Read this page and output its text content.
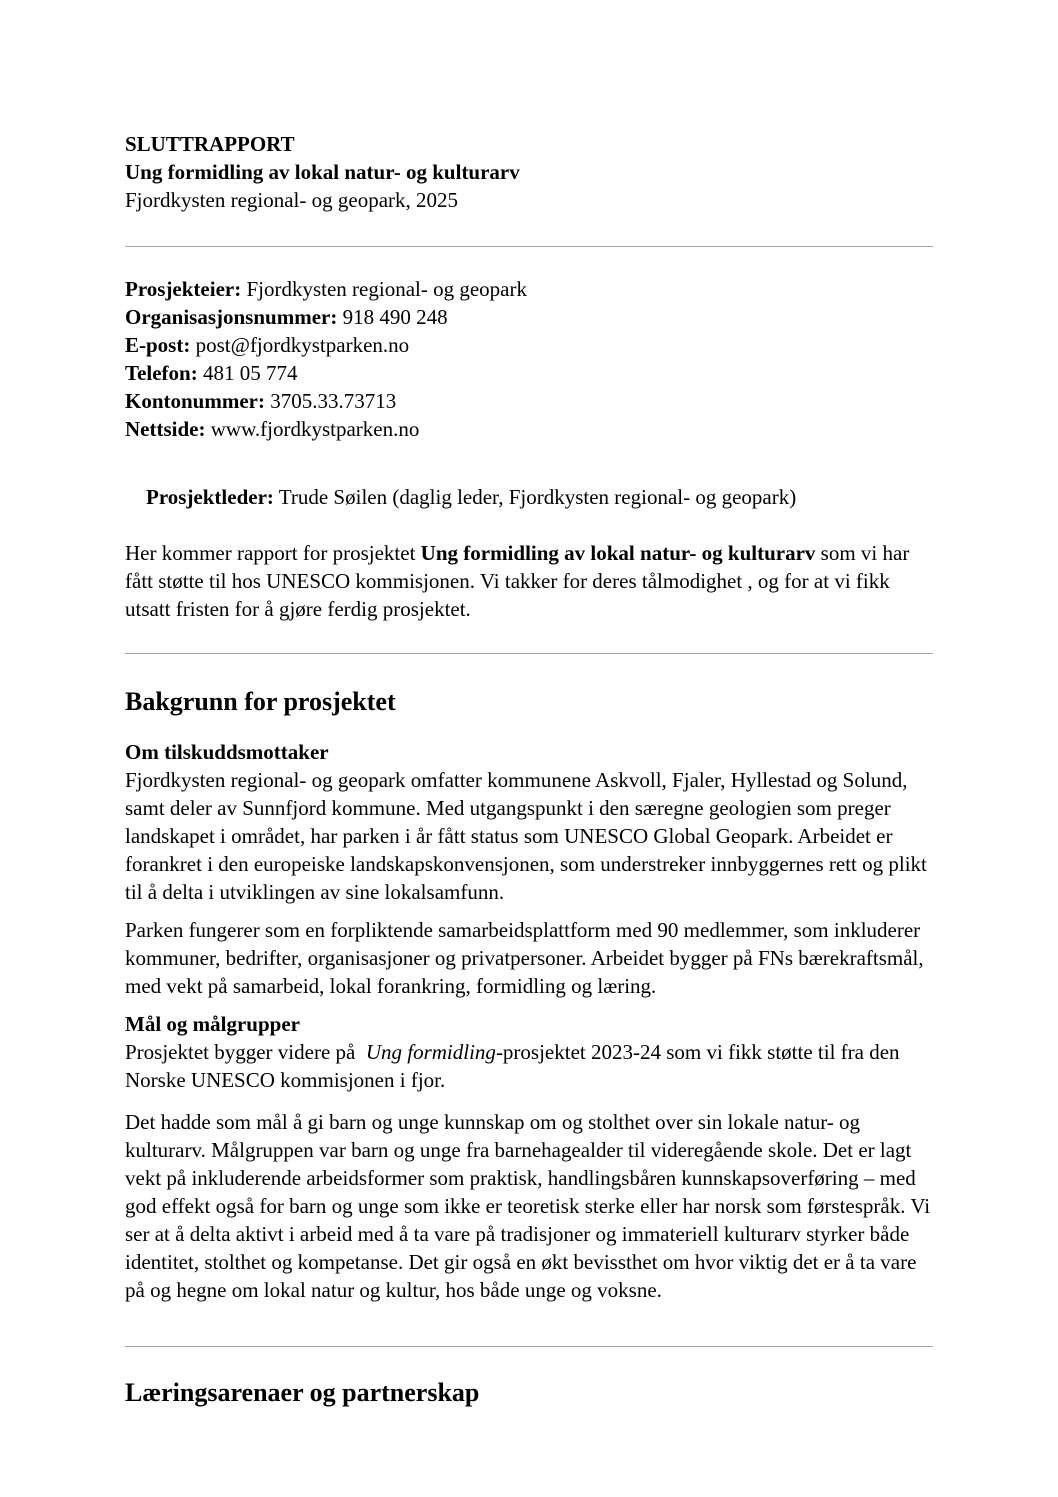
SLUTTRAPPORT
Ung formidling av lokal natur- og kulturarv
Fjordkysten regional- og geopark, 2025
Prosjekteier: Fjordkysten regional- og geopark
Organisasjonsnummer: 918 490 248
E-post: post@fjordkystparken.no
Telefon: 481 05 774
Kontonummer: 3705.33.73713
Nettside: www.fjordkystparken.no

Prosjektleder: Trude Søilen (daglig leder, Fjordkysten regional- og geopark)

Her kommer rapport for prosjektet Ung formidling av lokal natur- og kulturarv som vi har fått støtte til hos UNESCO kommisjonen. Vi takker for deres tålmodighet , og for at vi fikk utsatt fristen for å gjøre ferdig prosjektet.

Bakgrunn for prosjektet
Om tilskuddsmottaker

Fjordkysten regional- og geopark omfatter kommunene Askvoll, Fjaler, Hyllestad og Solund, samt deler av Sunnfjord kommune. Med utgangspunkt i den særegne geologien som preger landskapet i området, har parken i år fått status som UNESCO Global Geopark. Arbeidet er forankret i den europeiske landskapskonvensjonen, som understreker innbyggernes rett og plikt til å delta i utviklingen av sine lokalsamfunn.

Parken fungerer som en forpliktende samarbeidsplattform med 90 medlemmer, som inkluderer kommuner, bedrifter, organisasjoner og privatpersoner. Arbeidet bygger på FNs bærekraftsmål, med vekt på samarbeid, lokal forankring, formidling og læring.

Mål og målgrupper

Prosjektet bygger videre på  Ung formidling-prosjektet 2023-24 som vi fikk støtte til fra den Norske UNESCO kommisjonen i fjor.

Det hadde som mål å gi barn og unge kunnskap om og stolthet over sin lokale natur- og kulturarv. Målgruppen var barn og unge fra barnehagealder til videregående skole. Det er lagt vekt på inkluderende arbeidsformer som praktisk, handlingsbåren kunnskapsoverføring – med god effekt også for barn og unge som ikke er teoretisk sterke eller har norsk som førstespråk. Vi ser at å delta aktivt i arbeid med å ta vare på tradisjoner og immateriell kulturarv styrker både identitet, stolthet og kompetanse. Det gir også en økt bevissthet om hvor viktig det er å ta vare på og hegne om lokal natur og kultur, hos både unge og voksne.

Læringsarenaer og partnerskap
